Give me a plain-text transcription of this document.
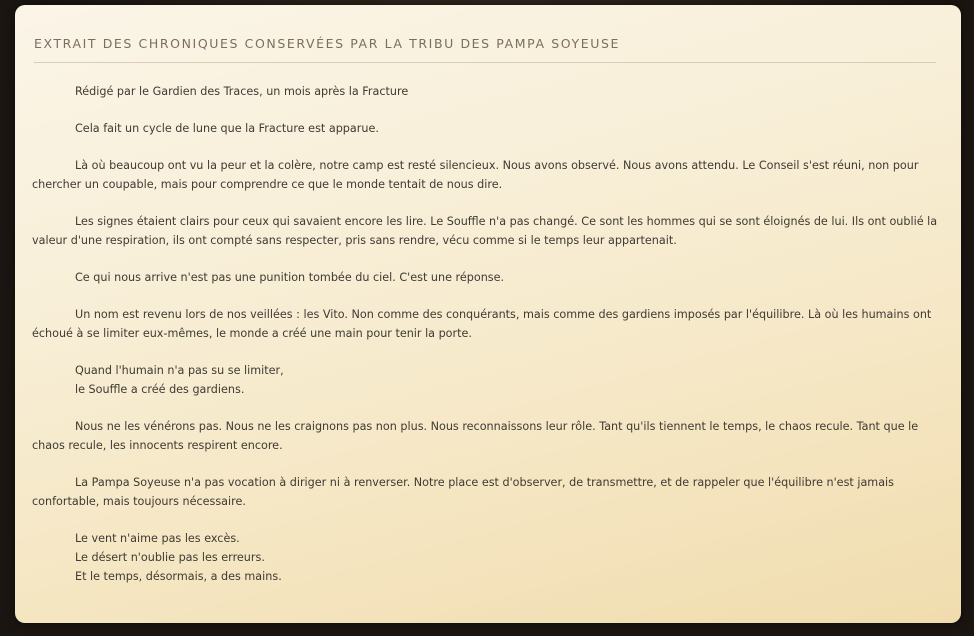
EXTRAIT DES CHRONIQUES CONSERVÉES PAR LA TRIBU DES PAMPA SOYEUSE

Rédigé par le Gardien des Traces, un mois après la Fracture

Cela fait un cycle de lune que la Fracture est apparue.

Là où beaucoup ont vu la peur et la colère, notre camp est resté silencieux. Nous avons observé. Nous avons attendu. Le Conseil s'est réuni, non pour chercher un coupable, mais pour comprendre ce que le monde tentait de nous dire.

Les signes étaient clairs pour ceux qui savaient encore les lire. Le Souffle n'a pas changé. Ce sont les hommes qui se sont éloignés de lui. Ils ont oublié la valeur d'une respiration, ils ont compté sans respecter, pris sans rendre, vécu comme si le temps leur appartenait.

Ce qui nous arrive n'est pas une punition tombée du ciel. C'est une réponse.

Un nom est revenu lors de nos veillées : les Vito. Non comme des conquérants, mais comme des gardiens imposés par l'équilibre. Là où les humains ont échoué à se limiter eux-mêmes, le monde a créé une main pour tenir la porte.

Quand l'humain n'a pas su se limiter,
le Souffle a créé des gardiens.

Nous ne les vénérons pas. Nous ne les craignons pas non plus. Nous reconnaissons leur rôle. Tant qu'ils tiennent le temps, le chaos recule. Tant que le chaos recule, les innocents respirent encore.

La Pampa Soyeuse n'a pas vocation à diriger ni à renverser. Notre place est d'observer, de transmettre, et de rappeler que l'équilibre n'est jamais confortable, mais toujours nécessaire.

Le vent n'aime pas les excès.
Le désert n'oublie pas les erreurs.
Et le temps, désormais, a des mains.
